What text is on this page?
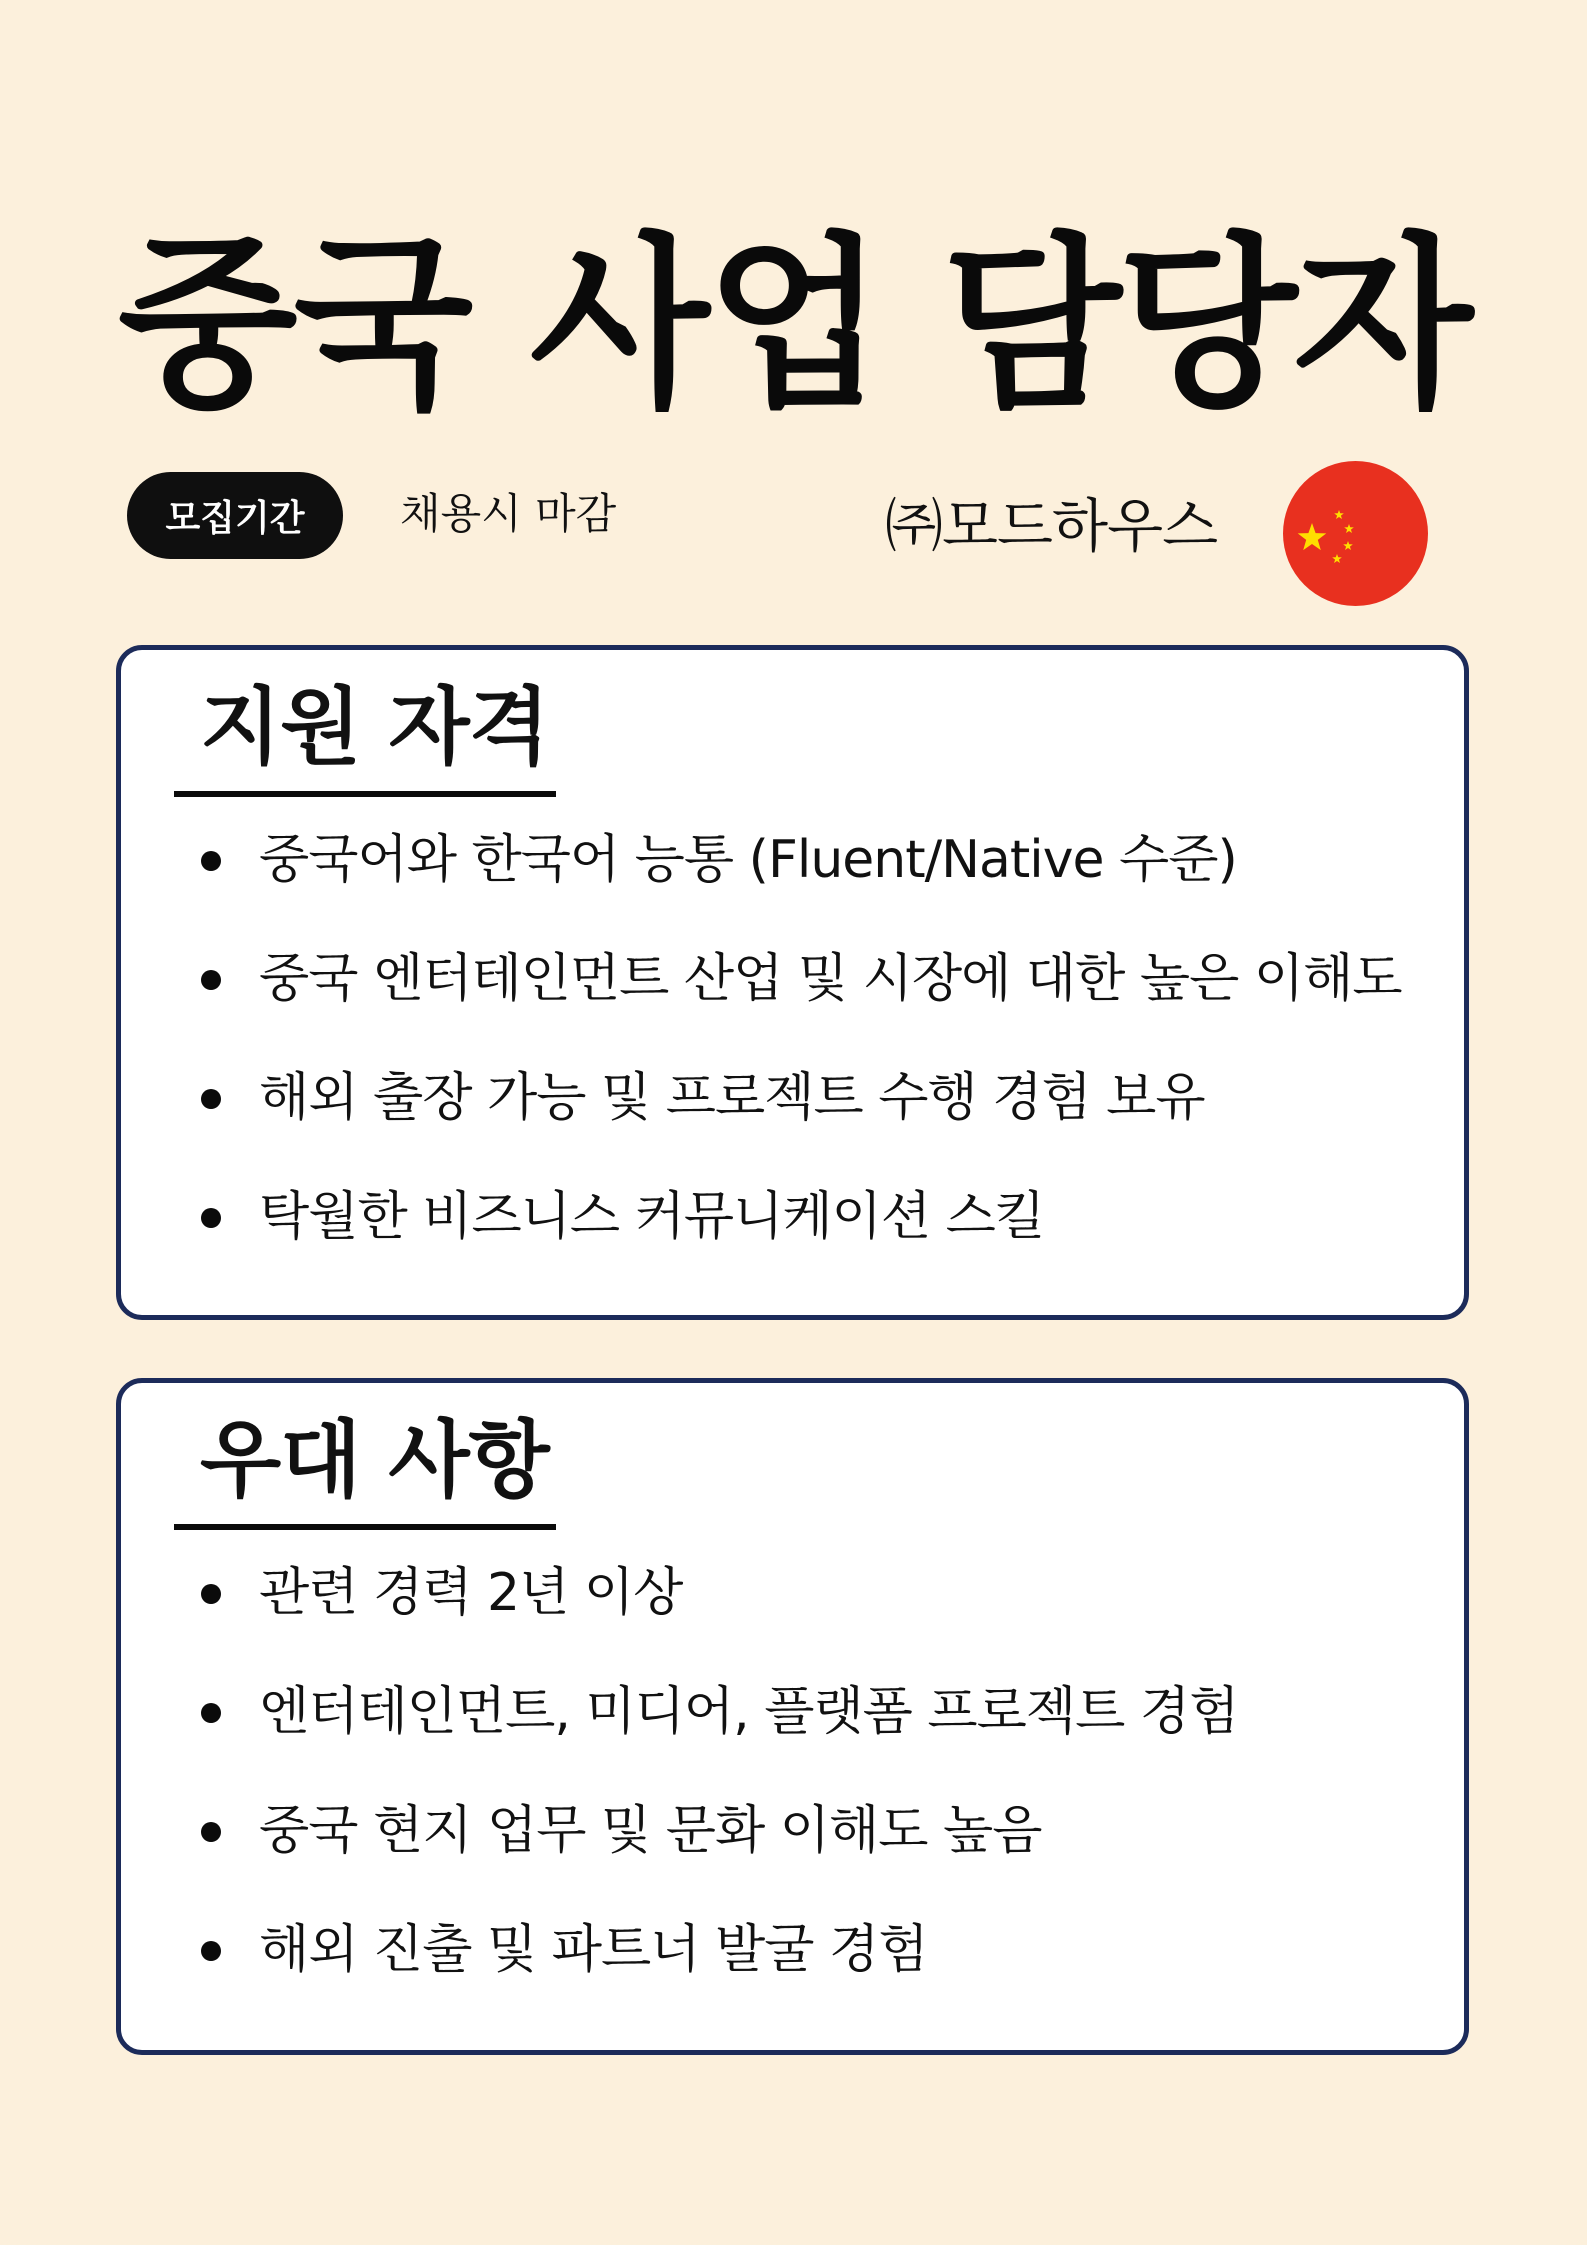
중국 사업 담당자
모집기간	채용시 마감	㈜모드하우스
지원 자격
중국어와 한국어 능통 (Fluent/Native 수준)
중국 엔터테인먼트 산업 및 시장에 대한 높은 이해도
해외 출장 가능 및 프로젝트 수행 경험 보유
탁월한 비즈니스 커뮤니케이션 스킬
우대 사항
관련 경력 2년 이상
엔터테인먼트, 미디어, 플랫폼 프로젝트 경험
중국 현지 업무 및 문화 이해도 높음
해외 진출 및 파트너 발굴 경험
